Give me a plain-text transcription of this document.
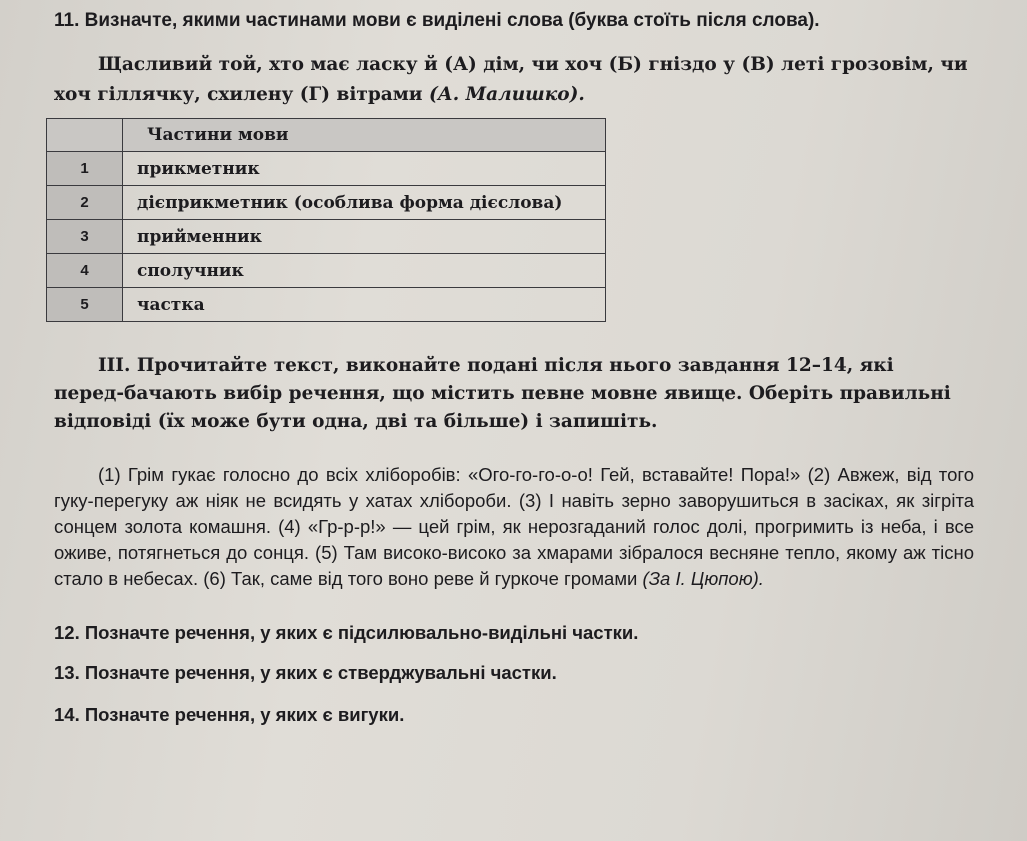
11. Визначте, якими частинами мови є виділені слова (буква стоїть після слова).
Щасливий той, хто має ласку й (А) дім, чи хоч (Б) гніздо у (В) леті грозовім, чи хоч гіллячку, схилену (Г) вітрами (А. Малишко).
	Частини мови
1	прикметник
2	дієприкметник (особлива форма дієслова)
3	прийменник
4	сполучник
5	частка
ІІІ. Прочитайте текст, виконайте подані після нього завдання 12–14, які перед-бачають вибір речення, що містить певне мовне явище. Оберіть правильні відповіді (їх може бути одна, дві та більше) і запишіть.
(1) Грім гукає голосно до всіх хліборобів: «Ого-го-го-о-о! Гей, вставайте! Пора!» (2) Авжеж, від того гуку-перегуку аж ніяк не всидять у хатах хлібороби. (3) І навіть зерно заворушиться в засіках, як зігріта сонцем золота комашня. (4) «Гр-р-р!» — цей грім, як нерозгаданий голос долі, прогримить із неба, і все оживе, потягнеться до сонця. (5) Там високо-високо за хмарами зібралося весняне тепло, якому аж тісно стало в небесах. (6) Так, саме від того воно реве й гуркоче громами (За І. Цюпою).
12. Позначте речення, у яких є підсилювально-видільні частки.
13. Позначте речення, у яких є стверджувальні частки.
14. Позначте речення, у яких є вигуки.
